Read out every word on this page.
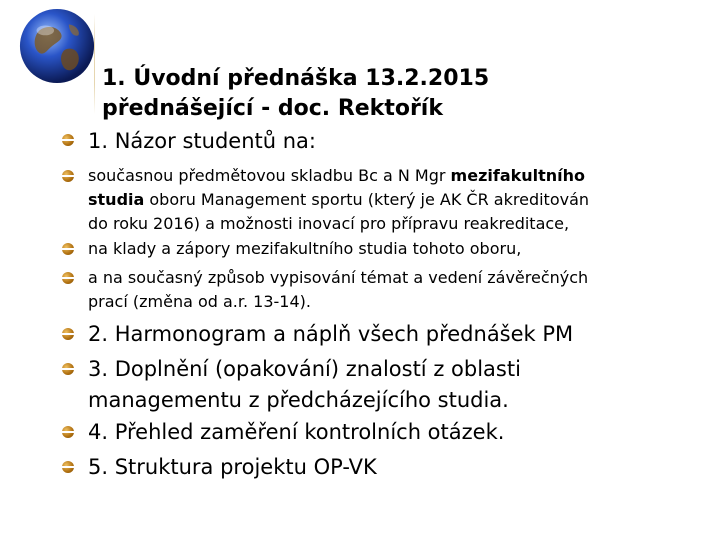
1. Úvodní přednáška 13.2.2015
přednášející - doc. Rektořík
1. Názor studentů na:
současnou předmětovou skladbu Bc a N Mgr mezifakultního
studia oboru Management sportu (který je AK ČR akreditován
do roku 2016) a možnosti inovací pro přípravu reakreditace,
na klady a zápory mezifakultního studia tohoto oboru,
a na současný způsob vypisování témat a vedení závěrečných
prací (změna od a.r. 13-14).
2. Harmonogram a náplň všech přednášek PM
3. Doplnění (opakování) znalostí z oblasti
managementu z předcházejícího studia.
4. Přehled zaměření kontrolních otázek.
5. Struktura projektu OP-VK
